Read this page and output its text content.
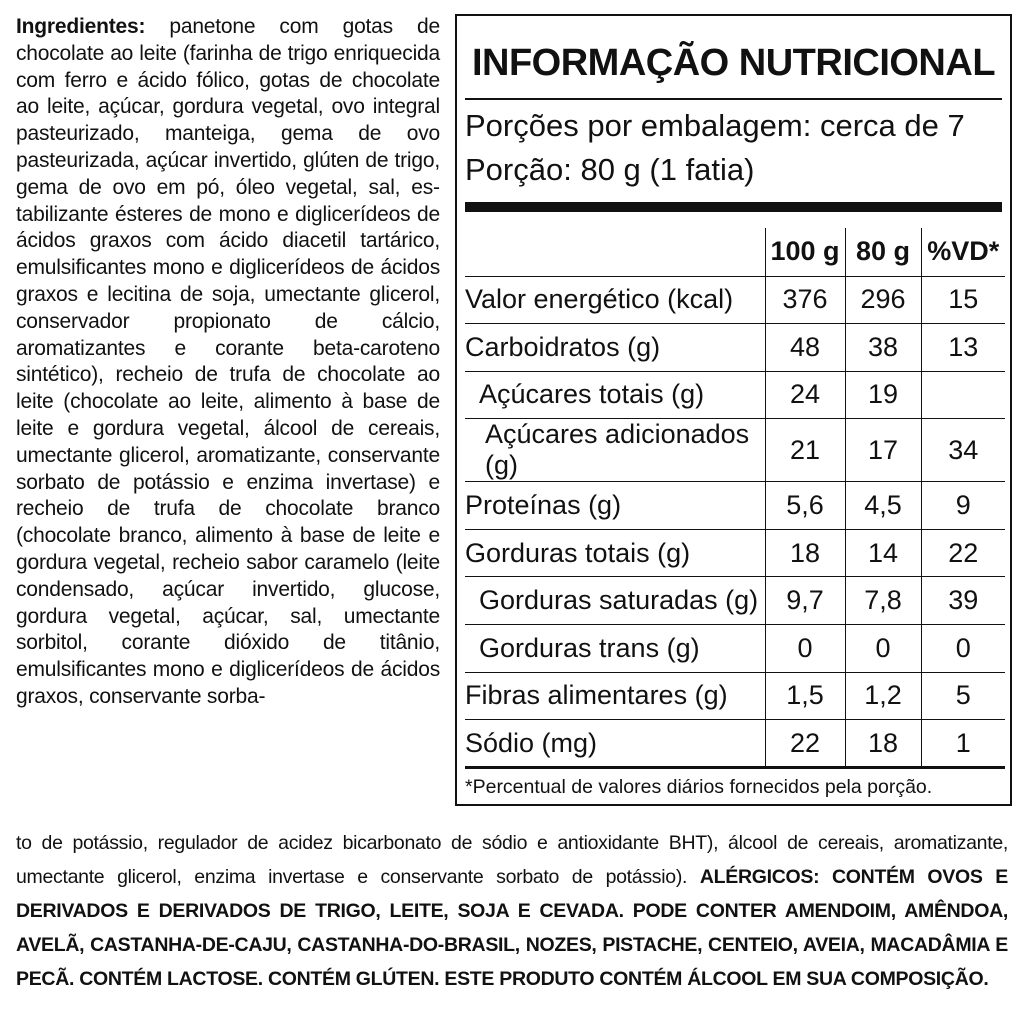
Ingredientes: panetone com gotas de chocolate ao leite (farinha de trigo enriquecida com ferro e ácido fólico, gotas de chocolate ao leite, açúcar, gordura vegetal, ovo integral pasteurizado, manteiga, gema de ovo pasteurizada, açúcar invertido, glúten de trigo, gema de ovo em pó, óleo vegetal, sal, estabilizante ésteres de mono e diglicerídeos de ácidos graxos com ácido diacetil tartárico, emulsificantes mono e diglicerídeos de ácidos graxos e lecitina de soja, umectante glicerol, conservador propionato de cálcio, aromatizantes e corante beta-caroteno sintético), recheio de trufa de chocolate ao leite (chocolate ao leite, alimento à base de leite e gordura vegetal, álcool de cereais, umectante glicerol, aromatizante, conservante sorbato de potássio e enzima invertase) e recheio de trufa de chocolate branco (chocolate branco, alimento à base de leite e gordura vegetal, recheio sabor caramelo (leite condensado, açúcar invertido, glucose, gordura vegetal, açúcar, sal, umectante sorbitol, corante dióxido de titânio, emulsificantes mono e diglicerídeos de ácidos graxos, conservante sorba-
to de potássio, regulador de acidez bicarbonato de sódio e antioxidante BHT), álcool de cereais, aromatizante, umectante glicerol, enzima invertase e conservante sorbato de potássio). ALÉRGICOS: CONTÉM OVOS E DERIVADOS E DERIVADOS DE TRIGO, LEITE, SOJA E CEVADA. PODE CONTER AMENDOIM, AMÊNDOA, AVELÃ, CASTANHA-DE-CAJU, CASTANHA-DO-BRASIL, NOZES, PISTACHE, CENTEIO, AVEIA, MACADÂMIA E PECÃ. CONTÉM LACTOSE. CONTÉM GLÚTEN. ESTE PRODUTO CONTÉM ÁLCOOL EM SUA COMPOSIÇÃO.
INFORMAÇÃO NUTRICIONAL
Porções por embalagem: cerca de 7
Porção: 80 g (1 fatia)
	100 g	80 g	%VD*
Valor energético (kcal)	376	296	15
Carboidratos (g)	48	38	13
Açúcares totais (g)	24	19	
Açúcares adicionados (g)	21	17	34
Proteínas (g)	5,6	4,5	9
Gorduras totais (g)	18	14	22
Gorduras saturadas (g)	9,7	7,8	39
Gorduras trans (g)	0	0	0
Fibras alimentares (g)	1,5	1,2	5
Sódio (mg)	22	18	1
*Percentual de valores diários fornecidos pela porção.
